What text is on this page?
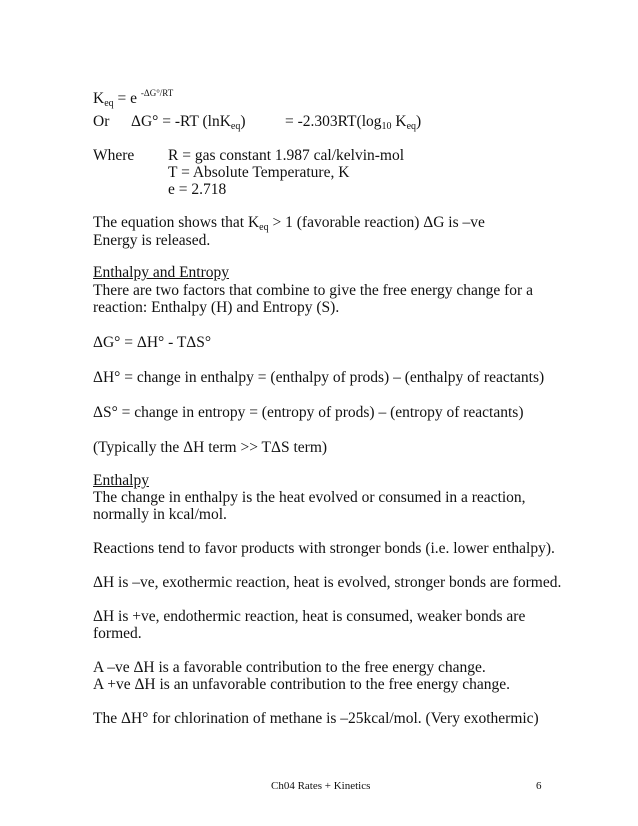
$K_{eq} = e$ $^{-\Delta G^\circ/RT}$
Or ΔG° = -RT (lnK$_{eq}$)	= $-2.303RT(\log_{10}$ $K_{eq}$)
Where R = gas constant 1.987 cal/kelvin-mol
T = Absolute Temperature, K
e = 2.718
The equation shows that $K_{eq} > 1$ (favorable reaction) ΔG is –ve
Energy is released.
Enthalpy and Entropy
There are two factors that combine to give the free energy change for a
reaction: Enthalpy (H) and Entropy (S).
ΔG° = ΔH° - TΔS°
ΔH° = change in enthalpy = (enthalpy of prods) – (enthalpy of reactants)
ΔS° = change in entropy = (entropy of prods) – (entropy of reactants)
(Typically the ΔH term >> TΔS term)
Enthalpy
The change in enthalpy is the heat evolved or consumed in a reaction,
normally in kcal/mol.
Reactions tend to favor products with stronger bonds (i.e. lower enthalpy).
ΔH is –ve, exothermic reaction, heat is evolved, stronger bonds are formed.
ΔH is +ve, endothermic reaction, heat is consumed, weaker bonds are
formed.
A –ve ΔH is a favorable contribution to the free energy change.
A +ve ΔH is an unfavorable contribution to the free energy change.
The ΔH° for chlorination of methane is –25kcal/mol. (Very exothermic)
Ch04 Rates + Kinetics	6
